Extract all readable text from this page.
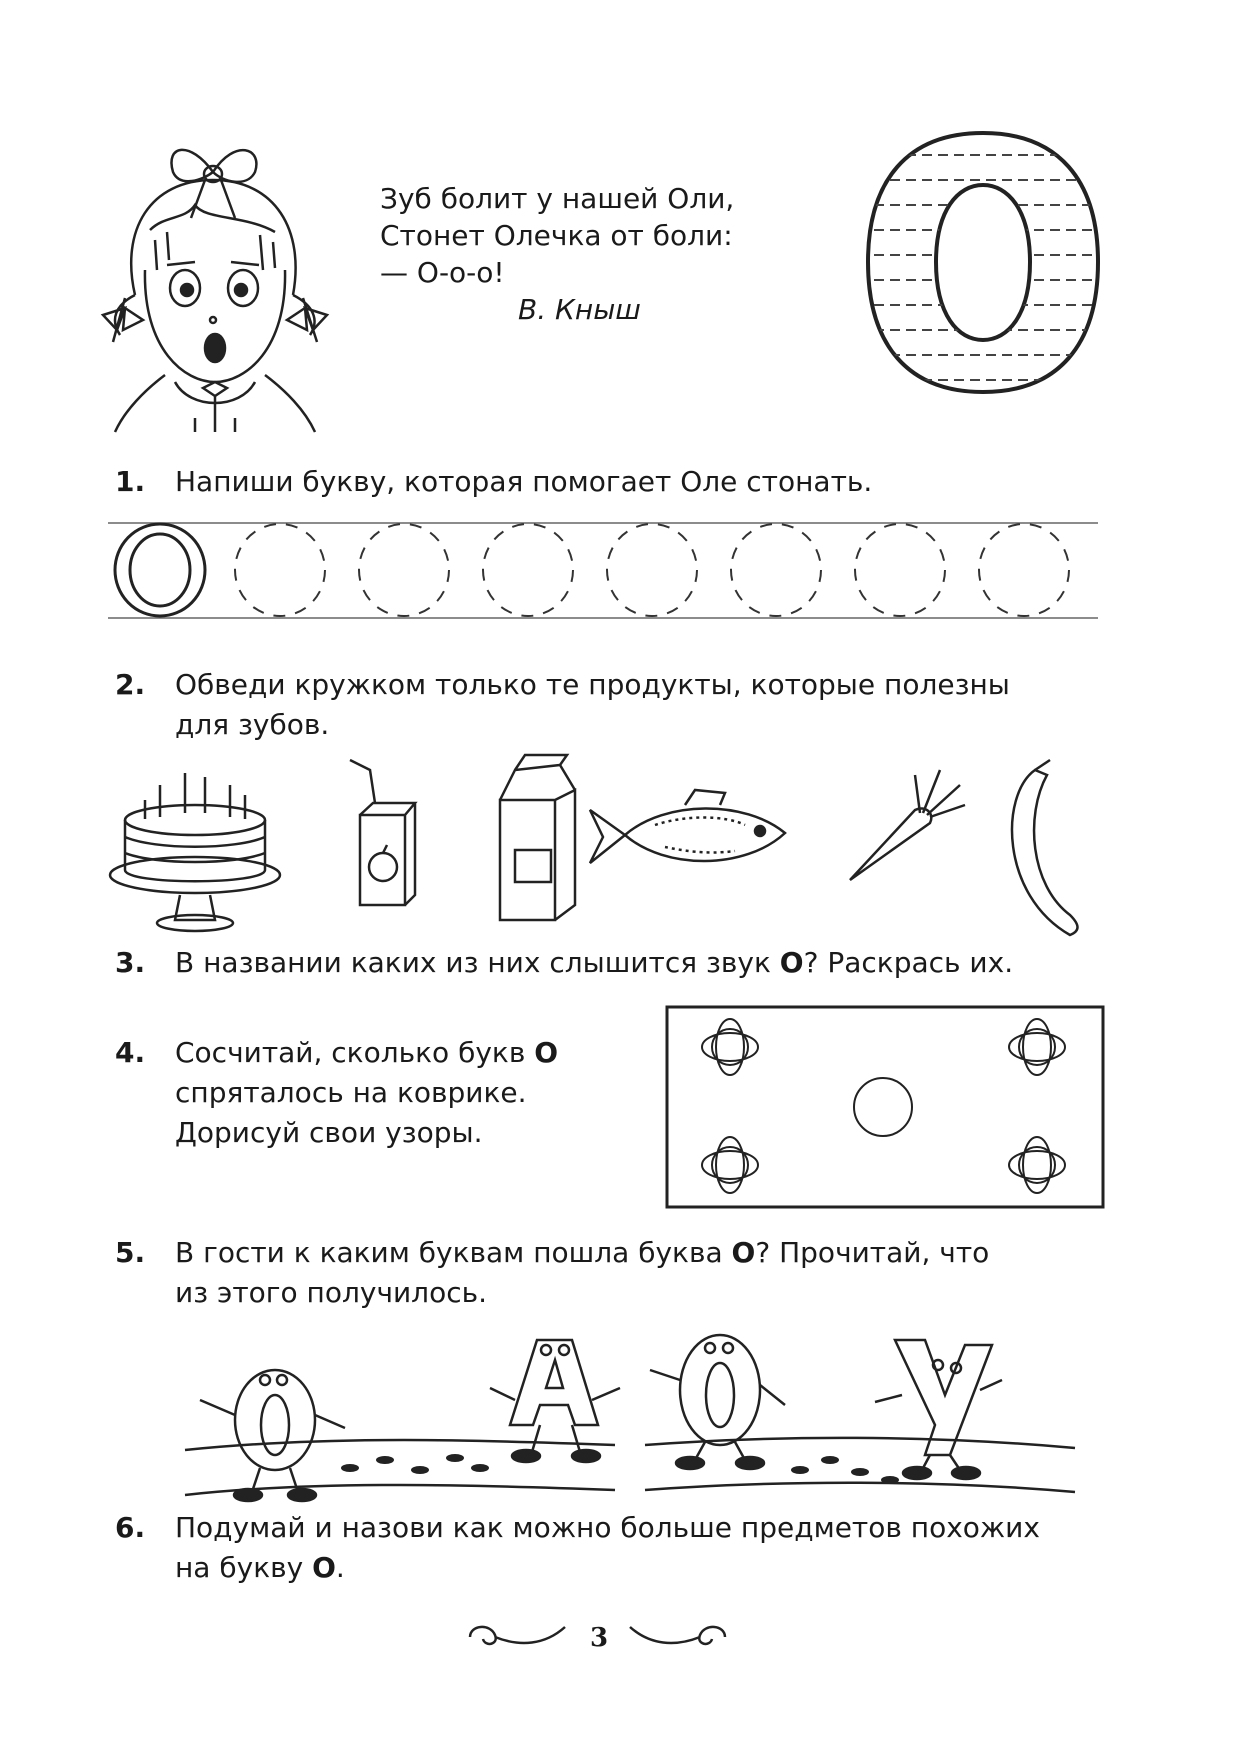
Зуб болит у нашей Оли,
Стонет Олечка от боли:
— О-о-о!
В. Кныш
1. Напиши букву, которая помогает Оле стонать.
2. Обведи кружком только те продукты, которые полезны
для зубов.
3. В названии каких из них слышится звук О? Раскрась их.
4. Сосчитай, сколько букв О
спряталось на коврике.
Дорисуй свои узоры.
5. В гости к каким буквам пошла буква О? Прочитай, что
из этого получилось.
6. Подумай и назови как можно больше предметов похожих
на букву О.
3
